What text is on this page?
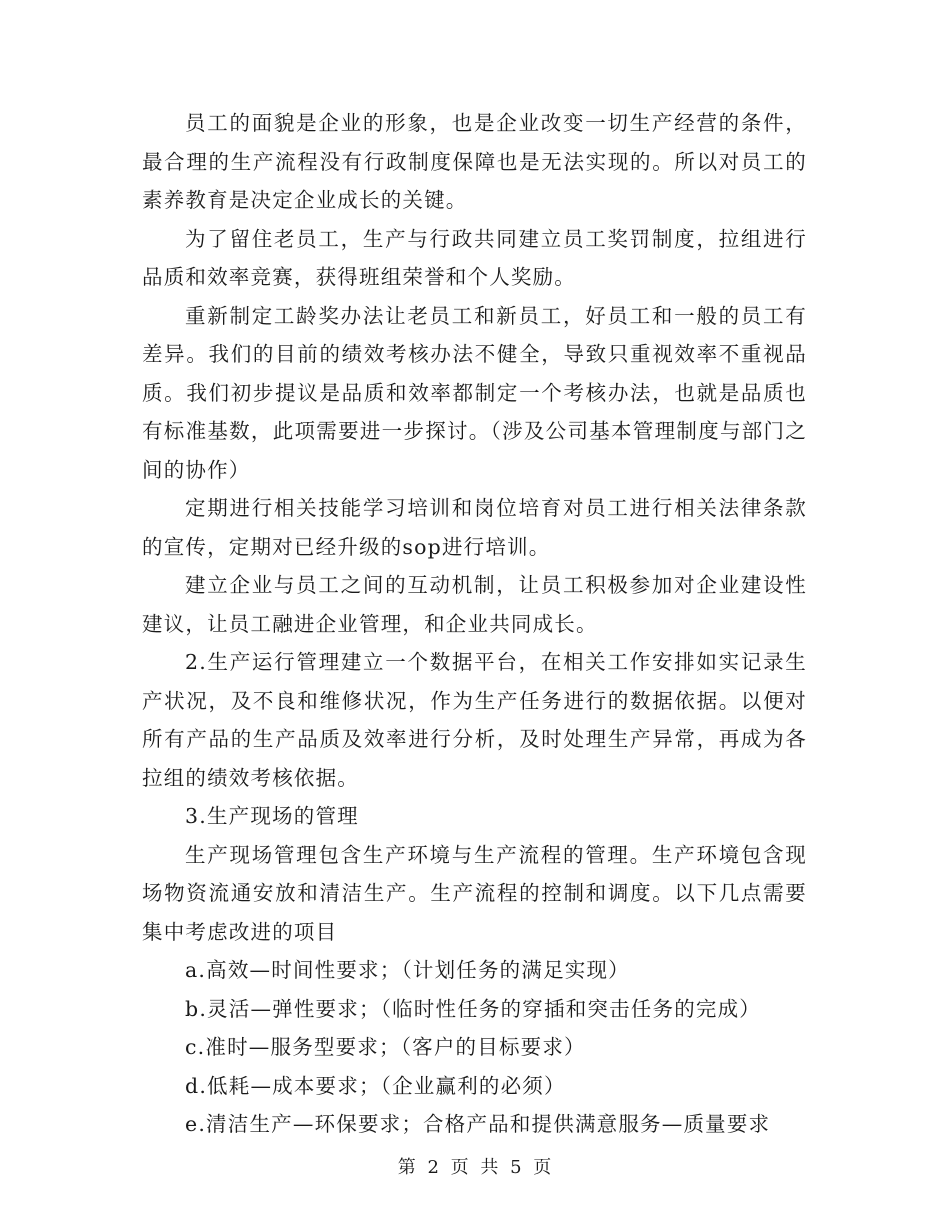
员工的面貌是企业的形象，也是企业改变一切生产经营的条件，最合理的生产流程没有行政制度保障也是无法实现的。所以对员工的素养教育是决定企业成长的关键。

为了留住老员工，生产与行政共同建立员工奖罚制度，拉组进行品质和效率竞赛，获得班组荣誉和个人奖励。

重新制定工龄奖办法让老员工和新员工，好员工和一般的员工有差异。我们的目前的绩效考核办法不健全，导致只重视效率不重视品质。我们初步提议是品质和效率都制定一个考核办法，也就是品质也有标准基数，此项需要进一步探讨。（涉及公司基本管理制度与部门之间的协作）

定期进行相关技能学习培训和岗位培育对员工进行相关法律条款的宣传，定期对已经升级的sop进行培训。

建立企业与员工之间的互动机制，让员工积极参加对企业建设性建议，让员工融进企业管理，和企业共同成长。

2.生产运行管理建立一个数据平台，在相关工作安排如实记录生产状况，及不良和维修状况，作为生产任务进行的数据依据。以便对所有产品的生产品质及效率进行分析，及时处理生产异常，再成为各拉组的绩效考核依据。

3.生产现场的管理

生产现场管理包含生产环境与生产流程的管理。生产环境包含现场物资流通安放和清洁生产。生产流程的控制和调度。以下几点需要集中考虑改进的项目

a.高效—时间性要求；（计划任务的满足实现）

b.灵活—弹性要求；（临时性任务的穿插和突击任务的完成）

c.准时—服务型要求；（客户的目标要求）

d.低耗—成本要求；（企业赢利的必须）

e.清洁生产—环保要求；合格产品和提供满意服务—质量要求

第 2 页 共 5 页
